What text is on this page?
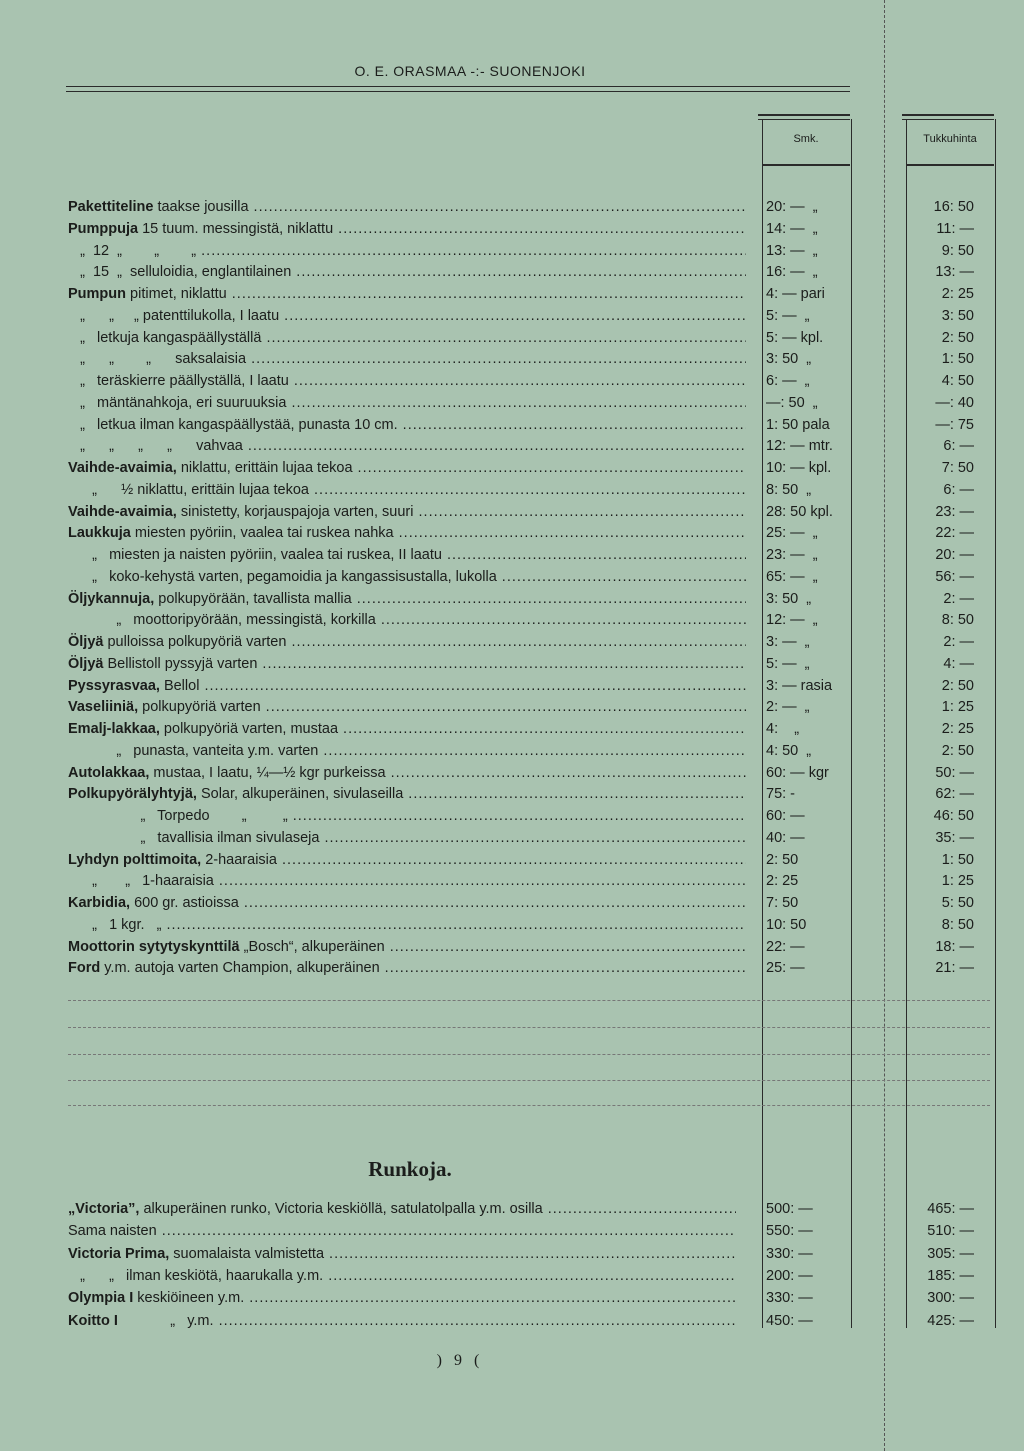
O. E. ORASMAA -:- SUONENJOKI
Smk.	Tukkuhinta
Pakettiteline taakse jousilla .....	20: —  „	16: 50
Pumppuja 15 tuum. messingistä, niklattu .....	14: —  „	11: —
„  12  „        „        „ .....	13: —  „	9: 50
„  15  „  selluloidia, englantilainen .....	16: —  „	13: —
Pumpun pitimet, niklattu .....	4: — pari	2: 25
„      „     „ patenttilukolla, I laatu .....	5: —  „	3: 50
„   letkuja kangaspäällyställä .....	5: — kpl.	2: 50
„      „        „      saksalaisia .....	3: 50  „	1: 50
„   teräskierre päällyställä, I laatu .....	6: —  „	4: 50
„   mäntänahkoja, eri suuruuksia .....	—: 50  „	—: 40
„   letkua ilman kangaspäällystää, punasta 10 cm. .....	1: 50 pala	—: 75
„      „      „      „      vahvaa .....	12: — mtr.	6: —
Vaihde-avaimia, niklattu, erittäin lujaa tekoa .....	10: — kpl.	7: 50
„      ½ niklattu, erittäin lujaa tekoa .....	8: 50  „	6: —
Vaihde-avaimia, sinistetty, korjauspajoja varten, suuri .....	28: 50 kpl.	23: —
Laukkuja miesten pyöriin, vaalea tai ruskea nahka .....	25: —  „	22: —
„   miesten ja naisten pyöriin, vaalea tai ruskea, II laatu .....	23: —  „	20: —
„   koko-kehystä varten, pegamoidia ja kangassisustalla, lukolla .....	65: —  „	56: —
Öljykannuja, polkupyörään, tavallista mallia .....	3: 50  „	2: —
„   moottoripyörään, messingistä, korkilla .....	12: —  „	8: 50
Öljyä pulloissa polkupyöriä varten .....	3: —  „	2: —
Öljyä Bellistoll pyssyjä varten .....	5: —  „	4: —
Pyssyrasvaa, Bellol .....	3: — rasia	2: 50
Vaseliiniä, polkupyöriä varten .....	2: —  „	1: 25
Emalj-lakkaa, polkupyöriä varten, mustaa .....	4:    „	2: 25
„   punasta, vanteita y.m. varten .....	4: 50  „	2: 50
Autolakkaa, mustaa, I laatu, ¼—½ kgr purkeissa .....	60: — kgr	50: —
Polkupyörälyhtyjä, Solar, alkuperäinen, sivulaseilla .....	75: -	62: —
„   Torpedo        „         „ .....	60: —	46: 50
„   tavallisia ilman sivulaseja .....	40: —	35: —
Lyhdyn polttimoita, 2-haaraisia .....	2: 50	1: 50
„       „   1-haaraisia .....	2: 25	1: 25
Karbidia, 600 gr. astioissa .....	7: 50	5: 50
„   1 kgr.   „ .....	10: 50	8: 50
Moottorin sytytyskynttilä „Bosch“, alkuperäinen .....	22: —	18: —
Ford y.m. autoja varten Champion, alkuperäinen .....	25: —	21: —
Runkoja.
„Victoria”, alkuperäinen runko, Victoria keskiöllä, satulatolpalla y.m. osilla .....	500: —	465: —
Sama naisten .....	550: —	510: —
Victoria Prima, suomalaista valmistetta .....	330: —	305: —
„      „   ilman keskiötä, haarukalla y.m. .....	200: —	185: —
Olympia I keskiöineen y.m. .....	330: —	300: —
Koitto I             „   y.m. .....	450: —	425: —
) 9 (
